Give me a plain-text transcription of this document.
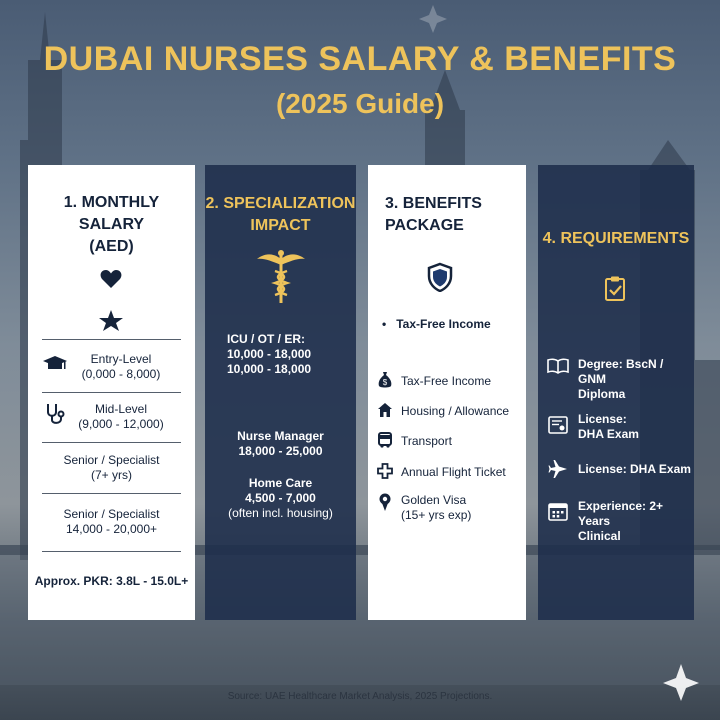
DUBAI NURSES SALARY & BENEFITS
(2025 Guide)
1. MONTHLY
SALARY
(AED)
Entry-Level
(0,000 - 8,000)
Mid-Level
(9,000 - 12,000)
Senior / Specialist
(7+ yrs)
Senior / Specialist
14,000 - 20,000+
Approx. PKR: 3.8L - 15.0L+
2. SPECIALIZATION
IMPACT
ICU / OT / ER:
10,000 - 18,000
10,000 - 18,000
Nurse Manager
18,000 - 25,000
Home Care
4,500 - 7,000
(often incl. housing)
3. BENEFITS
PACKAGE
•   Tax-Free Income
$ Tax-Free Income
Housing / Allowance
Transport
Annual Flight Ticket
Golden Visa
(15+ yrs exp)
4. REQUIREMENTS
Degree: BscN / GNM
Diploma
License:
DHA Exam
License: DHA Exam
Experience: 2+ Years
Clinical
Source: UAE Healthcare Market Analysis, 2025 Projections.
